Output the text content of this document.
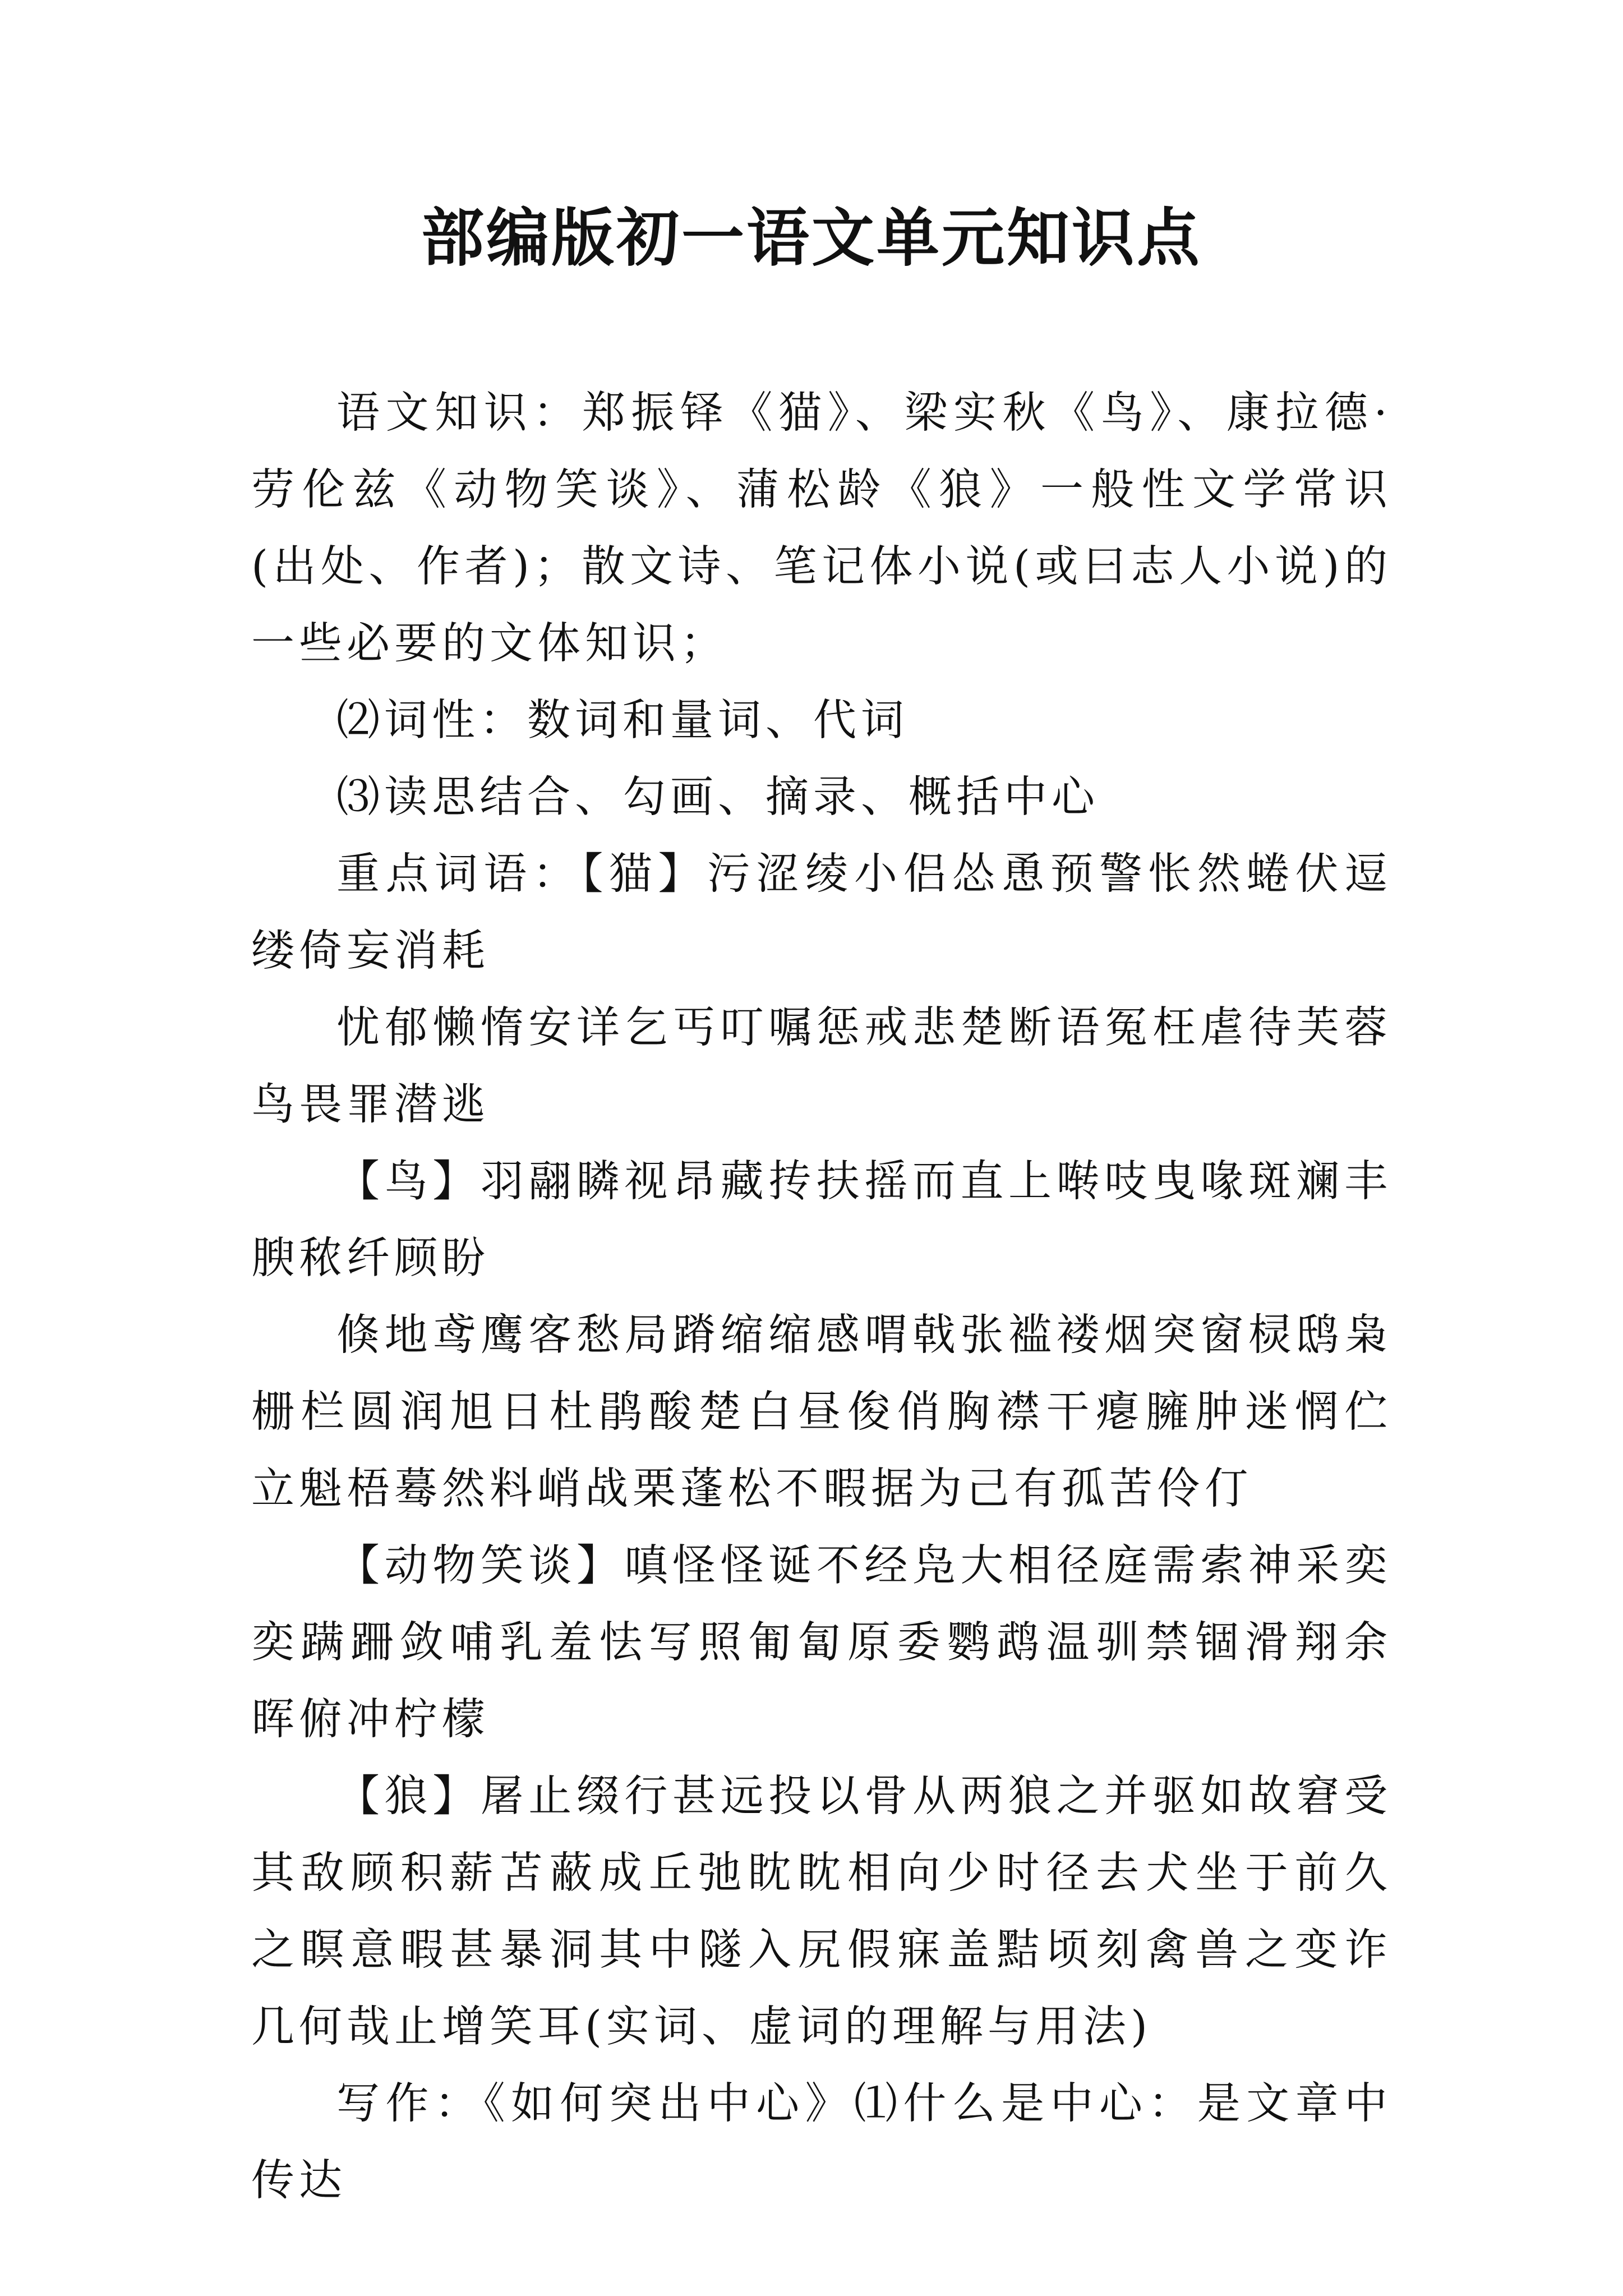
部编版初一语文单元知识点

语文知识：郑振铎《猫》、梁实秋《鸟》、康拉德·劳伦兹《动物笑谈》、蒲松龄《狼》一般性文学常识(出处、作者)；散文诗、笔记体小说(或曰志人小说)的一些必要的文体知识；

⑵词性：数词和量词、代词

⑶读思结合、勾画、摘录、概括中心

重点词语：【猫】污涩绫小侣怂恿预警怅然蜷伏逗缕倚妄消耗

忧郁懒惰安详乞丐叮嘱惩戒悲楚断语冤枉虐待芙蓉鸟畏罪潜逃

【鸟】羽翮瞵视昂藏抟扶摇而直上啭吱曳喙斑斓丰腴秾纤顾盼

倏地鸢鹰客愁局蹐缩缩感喟戟张褴褛烟突窗棂鸱枭栅栏圆润旭日杜鹃酸楚白昼俊俏胸襟干瘪臃肿迷惘伫立魁梧蓦然料峭战栗蓬松不暇据为己有孤苦伶仃

【动物笑谈】嗔怪怪诞不经凫大相径庭需索神采奕奕蹒跚敛哺乳羞怯写照匍匐原委鹦鹉温驯禁锢滑翔余晖俯冲柠檬

【狼】屠止缀行甚远投以骨从两狼之并驱如故窘受其敌顾积薪苫蔽成丘弛眈眈相向少时径去犬坐于前久之瞑意暇甚暴洞其中隧入尻假寐盖黠顷刻禽兽之变诈几何哉止增笑耳(实词、虚词的理解与用法)

写作：《如何突出中心》⑴什么是中心：是文章中传达
